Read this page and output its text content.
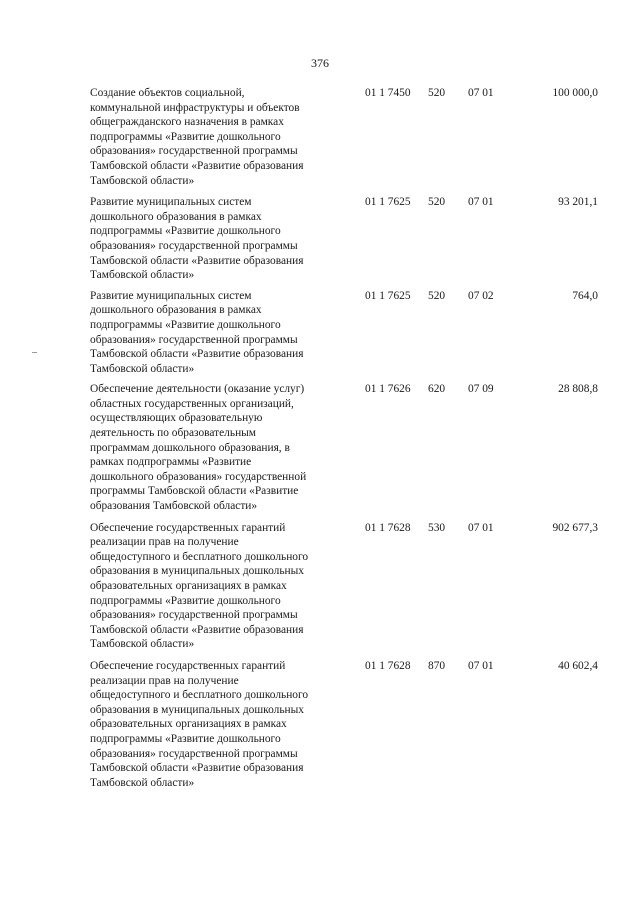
376
Создание объектов социальной,
коммунальной инфраструктуры и объектов
общегражданского назначения в рамках
подпрограммы «Развитие дошкольного
образования» государственной программы
Тамбовской области «Развитие образования
Тамбовской области»
01 1 7450 520 07 01	100 000,0
Развитие муниципальных систем
дошкольного образования в рамках
подпрограммы «Развитие дошкольного
образования» государственной программы
Тамбовской области «Развитие образования
Тамбовской области»
01 1 7625 520 07 01	93 201,1
Развитие муниципальных систем
дошкольного образования в рамках
подпрограммы «Развитие дошкольного
образования» государственной программы
Тамбовской области «Развитие образования
Тамбовской области»
01 1 7625 520 07 02	764,0
Обеспечение деятельности (оказание услуг)
областных государственных организаций,
осуществляющих образовательную
деятельность по образовательным
программам дошкольного образования, в
рамках подпрограммы «Развитие
дошкольного образования» государственной
программы Тамбовской области «Развитие
образования Тамбовской области»
01 1 7626 620 07 09	28 808,8
Обеспечение государственных гарантий
реализации прав на получение
общедоступного и бесплатного дошкольного
образования в муниципальных дошкольных
образовательных организациях в рамках
подпрограммы «Развитие дошкольного
образования» государственной программы
Тамбовской области «Развитие образования
Тамбовской области»
01 1 7628 530 07 01	902 677,3
Обеспечение государственных гарантий
реализации прав на получение
общедоступного и бесплатного дошкольного
образования в муниципальных дошкольных
образовательных организациях в рамках
подпрограммы «Развитие дошкольного
образования» государственной программы
Тамбовской области «Развитие образования
Тамбовской области»
01 1 7628 870 07 01	40 602,4
